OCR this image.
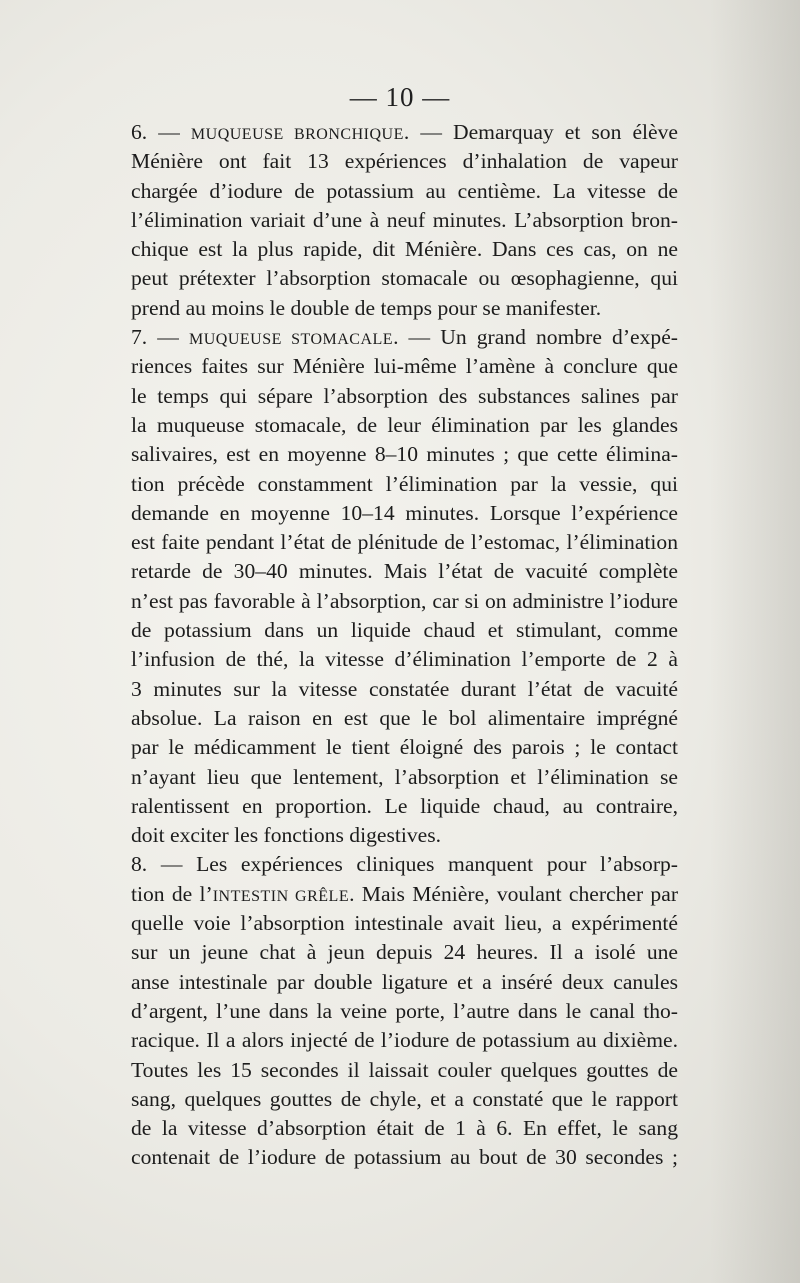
— 10 —
6. — MUQUEUSE BRONCHIQUE. — Demarquay et son élève
Ménière ont fait 13 expériences d’inhalation de vapeur
chargée d’iodure de potassium au centième. La vitesse de
l’élimination variait d’une à neuf minutes. L’absorption bron-
chique est la plus rapide, dit Ménière. Dans ces cas, on ne
peut prétexter l’absorption stomacale ou œsophagienne, qui
prend au moins le double de temps pour se manifester.
7. — MUQUEUSE STOMACALE. — Un grand nombre d’expé-
riences faites sur Ménière lui-même l’amène à conclure que
le temps qui sépare l’absorption des substances salines par
la muqueuse stomacale, de leur élimination par les glandes
salivaires, est en moyenne 8–10 minutes ; que cette élimina-
tion précède constamment l’élimination par la vessie, qui
demande en moyenne 10–14 minutes. Lorsque l’expérience
est faite pendant l’état de plénitude de l’estomac, l’élimination
retarde de 30–40 minutes. Mais l’état de vacuité complète
n’est pas favorable à l’absorption, car si on administre l’iodure
de potassium dans un liquide chaud et stimulant, comme
l’infusion de thé, la vitesse d’élimination l’emporte de 2 à
3 minutes sur la vitesse constatée durant l’état de vacuité
absolue. La raison en est que le bol alimentaire imprégné
par le médicamment le tient éloigné des parois ; le contact
n’ayant lieu que lentement, l’absorption et l’élimination se
ralentissent en proportion. Le liquide chaud, au contraire,
doit exciter les fonctions digestives.
8. — Les expériences cliniques manquent pour l’absorp-
tion de l’INTESTIN GRÊLE. Mais Ménière, voulant chercher par
quelle voie l’absorption intestinale avait lieu, a expérimenté
sur un jeune chat à jeun depuis 24 heures. Il a isolé une
anse intestinale par double ligature et a inséré deux canules
d’argent, l’une dans la veine porte, l’autre dans le canal tho-
racique. Il a alors injecté de l’iodure de potassium au dixième.
Toutes les 15 secondes il laissait couler quelques gouttes de
sang, quelques gouttes de chyle, et a constaté que le rapport
de la vitesse d’absorption était de 1 à 6. En effet, le sang
contenait de l’iodure de potassium au bout de 30 secondes ;
